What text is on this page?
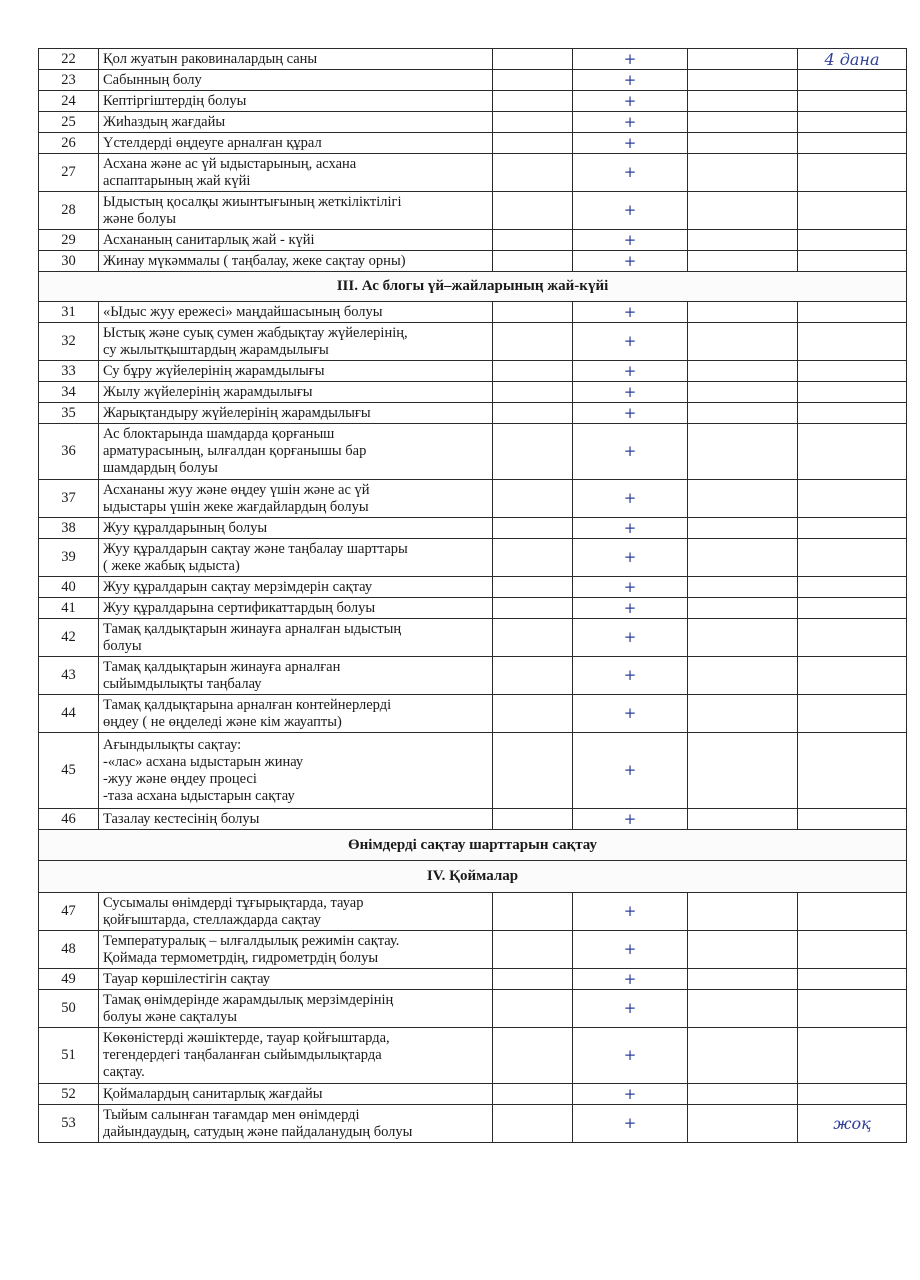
22	Қол жуатын раковиналардың саны		+		4 дана
23	Сабынның болу		+		
24	Кептіргіштердің болуы		+		
25	Жиһаздың жағдайы		+		
26	Үстелдерді өңдеуге арналған құрал		+		
27	Асхана және ас үй ыдыстарының, асхана
аспаптарының жай күйі		+		
28	Ыдыстың қосалқы жиынтығының жеткіліктілігі
және болуы		+		
29	Асхананың санитарлық жай - күйі		+		
30	Жинау мүкәммалы ( таңбалау, жеке сақтау орны)		+		
ІІІ. Ас блогы үй–жайларының жай-күйі					
31	«Ыдыс жуу ережесі» маңдайшасының болуы		+		
32	Ыстық және суық сумен жабдықтау жүйелерінің,
су жылытқыштардың жарамдылығы		+		
33	Су бұру жүйелерінің жарамдылығы		+		
34	Жылу жүйелерінің жарамдылығы		+		
35	Жарықтандыру жүйелерінің жарамдылығы		+		
36	Ас блоктарында шамдарда қорғаныш
арматурасының, ылғалдан қорғанышы бар
шамдардың болуы		+		
37	Асхананы жуу және өңдеу үшін және ас үй
ыдыстары үшін жеке жағдайлардың болуы		+		
38	Жуу құралдарының болуы		+		
39	Жуу құралдарын сақтау және таңбалау шарттары
( жеке жабық ыдыста)		+		
40	Жуу құралдарын сақтау мерзімдерін сақтау		+		
41	Жуу құралдарына сертификаттардың болуы		+		
42	Тамақ қалдықтарын жинауға арналған ыдыстың
болуы		+		
43	Тамақ қалдықтарын жинауға арналған
сыйымдылықты таңбалау		+		
44	Тамақ қалдықтарына арналған контейнерлерді
өңдеу ( не өңделеді және кім жауапты)		+		
45	Ағындылықты сақтау:
-«лас» асхана ыдыстарын жинау
-жуу және өңдеу процесі
-таза асхана ыдыстарын сақтау		+		
46	Тазалау кестесінің болуы		+		
Өнімдерді сақтау шарттарын сақтау					
IV. Қоймалар					
47	Сусымалы өнімдерді тұғырықтарда, тауар
қойғыштарда, стеллаждарда сақтау		+		
48	Температуралық – ылғалдылық режимін сақтау.
Қоймада термометрдің, гидрометрдің болуы		+		
49	Тауар көршілестігін сақтау		+		
50	Тамақ өнімдерінде жарамдылық мерзімдерінің
болуы және сақталуы		+		
51	Көкөністерді жәшіктерде, тауар қойғыштарда,
тегендердегі таңбаланған сыйымдылықтарда
сақтау.		+		
52	Қоймалардың санитарлық жағдайы		+		
53	Тыйым салынған тағамдар мен өнімдерді
дайындаудың, сатудың және пайдаланудың болуы		+		жоқ
